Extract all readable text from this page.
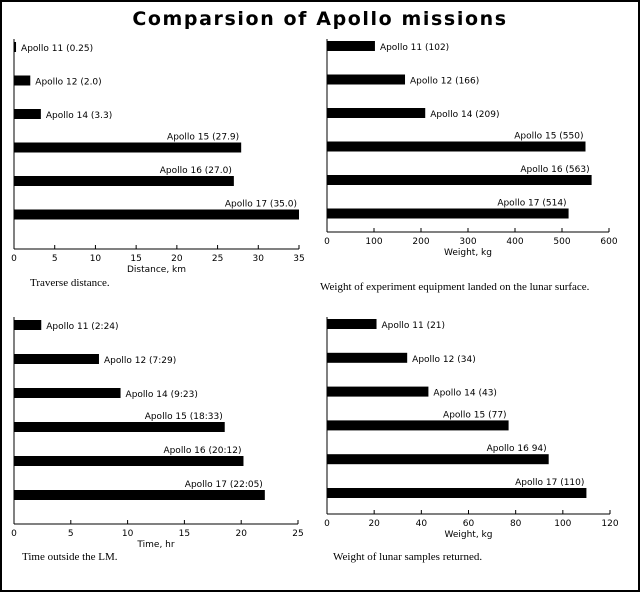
Comparsion of Apollo missions
0	5	10	15	20	25	30	35
Distance, km
Apollo 11 (0.25)
Apollo 12 (2.0)
Apollo 14 (3.3)
Apollo 15 (27.9)
Apollo 16 (27.0)
Apollo 17 (35.0)
Traverse distance.
0	100	200	300	400	500	600
Weight, kg
Apollo 11 (102)
Apollo 12 (166)
Apollo 14 (209)
Apollo 15 (550)
Apollo 16 (563)
Apollo 17 (514)
Weight of experiment equipment landed on the lunar surface.
0	5	10	15	20	25
Time, hr
Apollo 11 (2:24)
Apollo 12 (7:29)
Apollo 14 (9:23)
Apollo 15 (18:33)
Apollo 16 (20:12)
Apollo 17 (22:05)
Time outside the LM.
0	20	40	60	80	100	120
Weight, kg
Apollo 11 (21)
Apollo 12 (34)
Apollo 14 (43)
Apollo 15 (77)
Apollo 16 94)
Apollo 17 (110)
Weight of lunar samples returned.
